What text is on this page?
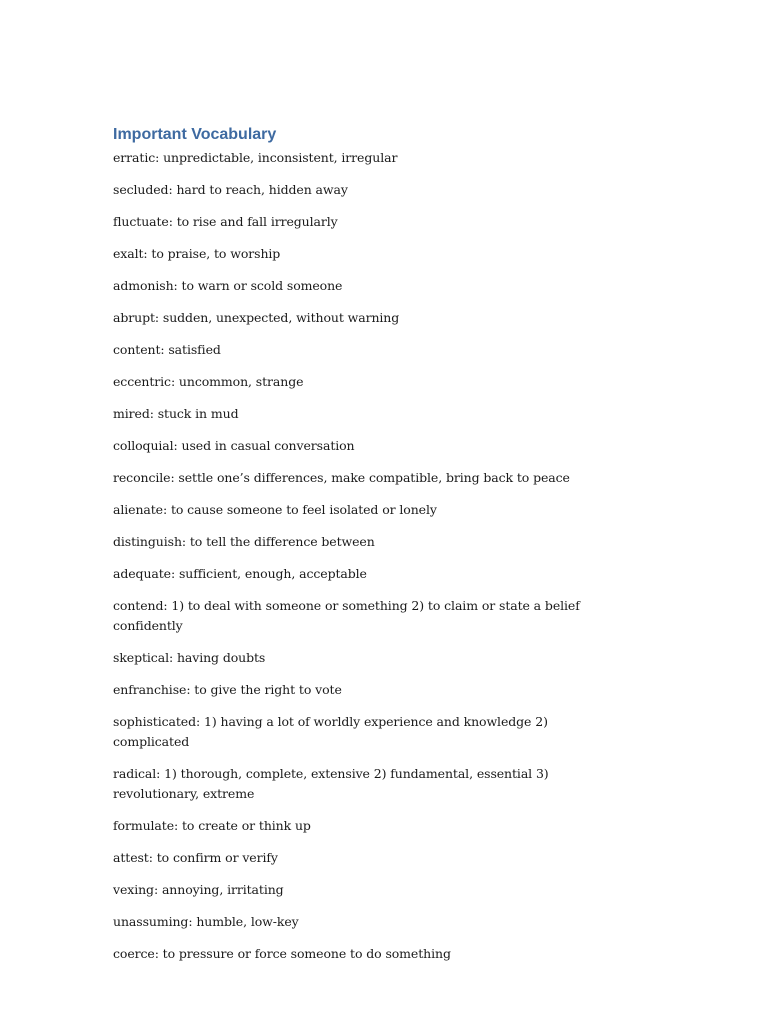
Important Vocabulary

erratic: unpredictable, inconsistent, irregular

secluded: hard to reach, hidden away

fluctuate: to rise and fall irregularly

exalt: to praise, to worship

admonish: to warn or scold someone

abrupt: sudden, unexpected, without warning

content: satisfied

eccentric: uncommon, strange

mired: stuck in mud

colloquial: used in casual conversation

reconcile: settle one’s differences, make compatible, bring back to peace

alienate: to cause someone to feel isolated or lonely

distinguish: to tell the difference between

adequate: sufficient, enough, acceptable

contend: 1) to deal with someone or something 2) to claim or state a belief confidently

skeptical: having doubts

enfranchise: to give the right to vote

sophisticated: 1) having a lot of worldly experience and knowledge 2) complicated

radical: 1) thorough, complete, extensive 2) fundamental, essential 3) revolutionary, extreme

formulate: to create or think up

attest: to confirm or verify

vexing: annoying, irritating

unassuming: humble, low-key

coerce: to pressure or force someone to do something
